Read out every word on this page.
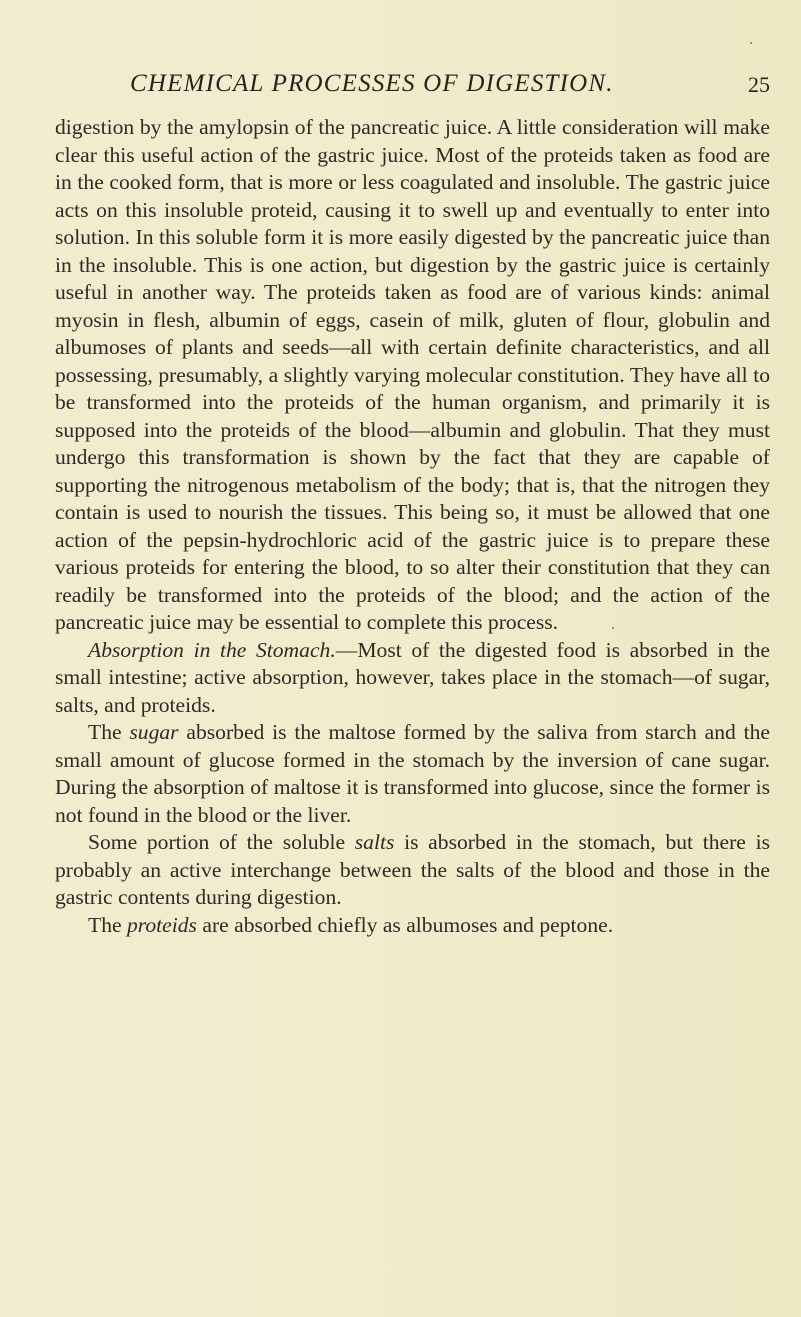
CHEMICAL PROCESSES OF DIGESTION.	25

digestion by the amylopsin of the pancreatic juice. A little consideration will make clear this useful action of the gastric juice. Most of the proteids taken as food are in the cooked form, that is more or less coagulated and insoluble. The gastric juice acts on this insoluble proteid, causing it to swell up and eventually to enter into solution. In this soluble form it is more easily digested by the pancreatic juice than in the insoluble. This is one action, but digestion by the gastric juice is certainly useful in another way. The proteids taken as food are of various kinds: animal myosin in flesh, albumin of eggs, casein of milk, gluten of flour, globulin and albumoses of plants and seeds—all with certain definite characteristics, and all possessing, presumably, a slightly varying molecular constitution. They have all to be transformed into the proteids of the human organism, and primarily it is supposed into the proteids of the blood—albumin and globulin. That they must undergo this transformation is shown by the fact that they are capable of supporting the nitrogenous metabolism of the body; that is, that the nitrogen they contain is used to nourish the tissues. This being so, it must be allowed that one action of the pepsin-hydrochloric acid of the gastric juice is to prepare these various proteids for entering the blood, to so alter their constitution that they can readily be transformed into the proteids of the blood; and the action of the pancreatic juice may be essential to complete this process.

Absorption in the Stomach.—Most of the digested food is absorbed in the small intestine; active absorption, however, takes place in the stomach—of sugar, salts, and proteids.

The sugar absorbed is the maltose formed by the saliva from starch and the small amount of glucose formed in the stomach by the inversion of cane sugar. During the absorption of maltose it is transformed into glucose, since the former is not found in the blood or the liver.

Some portion of the soluble salts is absorbed in the stomach, but there is probably an active interchange between the salts of the blood and those in the gastric contents during digestion.

The proteids are absorbed chiefly as albumoses and peptone.
